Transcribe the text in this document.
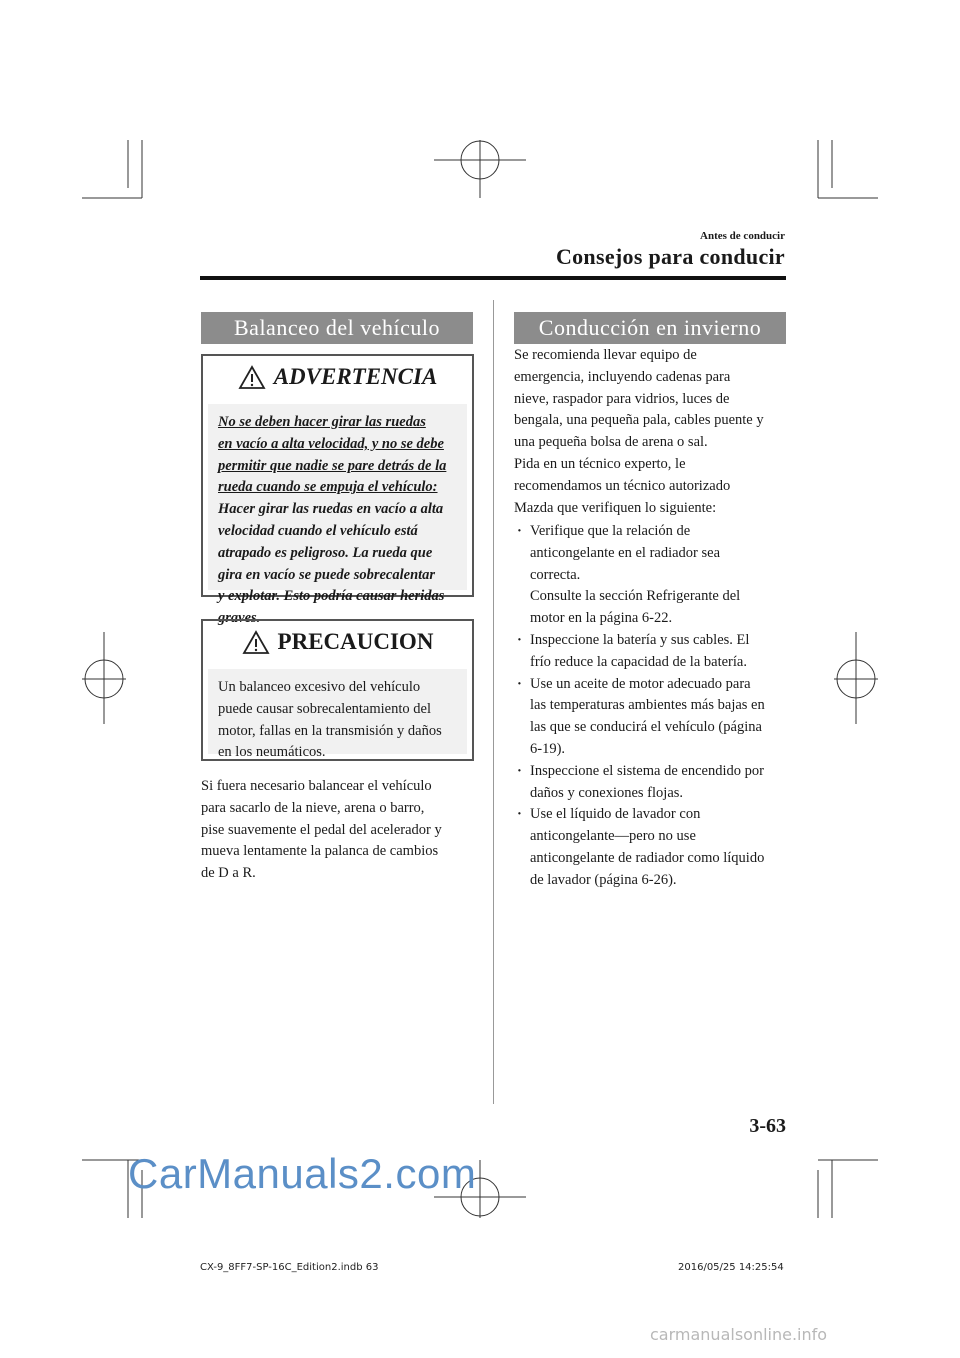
Antes de conducir
Consejos para conducir
Balanceo del vehículo
ADVERTENCIA
No se deben hacer girar las ruedas
en vacío a alta velocidad, y no se debe
permitir que nadie se pare detrás de la
rueda cuando se empuja el vehículo:
Hacer girar las ruedas en vacío a alta
velocidad cuando el vehículo está
atrapado es peligroso. La rueda que
gira en vacío se puede sobrecalentar
y explotar. Esto podría causar heridas
graves.
PRECAUCION
Un balanceo excesivo del vehículo
puede causar sobrecalentamiento del
motor, fallas en la transmisión y daños
en los neumáticos.
Si fuera necesario balancear el vehículo
para sacarlo de la nieve, arena o barro,
pise suavemente el pedal del acelerador y
mueva lentamente la palanca de cambios
de D a R.
Conducción en invierno
Se recomienda llevar equipo de
emergencia, incluyendo cadenas para
nieve, raspador para vidrios, luces de
bengala, una pequeña pala, cables puente y
una pequeña bolsa de arena o sal.
Pida en un técnico experto, le
recomendamos un técnico autorizado
Mazda que verifiquen lo siguiente:
· Verifique que la relación de
anticongelante en el radiador sea
correcta.
Consulte la sección Refrigerante del
motor en la página 6-22.
· Inspeccione la batería y sus cables. El
frío reduce la capacidad de la batería.
· Use un aceite de motor adecuado para
las temperaturas ambientes más bajas en
las que se conducirá el vehículo (página
6-19).
· Inspeccione el sistema de encendido por
daños y conexiones flojas.
· Use el líquido de lavador con
anticongelante—pero no use
anticongelante de radiador como líquido
de lavador (página 6-26).
3-63
CarManuals2.com
CX-9_8FF7-SP-16C_Edition2.indb 63	2016/05/25 14:25:54
carmanualsonline.info
